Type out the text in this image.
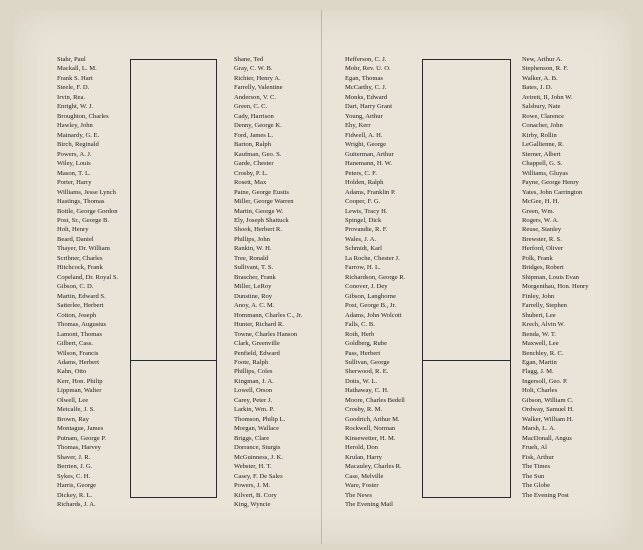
Stahr, Paul
Mackall, L. M.
Frank S. Hart
Steele, F. D.
Irvin, Rea.
Enright, W. J.
Broughton, Charles
Hawley, John
Mainardy, G. E.
Birch, Reginald
Powers, A. J.
Wiley, Louis
Mason, T. L.
Porter, Harry
Williams, Jesse Lynch
Hastings, Thomas
Bottle, George Gordon
Post, Sr., George B.
Holt, Henry
Beard, Daniel
Thayer, Dr. William
Scribner, Charles
Hitchcock, Frank
Copeland, Dr. Royal S.
Gibson, C. D.
Martin, Edward S.
Satterlee, Herbert
Cotton, Joseph
Thomas, Augustus
Lamont, Thomas
Gilbert, Cass.
Wilson, Francis
Adams, Herbert
Kahn, Otto
Kerr, Hon. Philip
Lippman, Walter
Olwell, Lee
Metcalfe, J. S.
Brown, Ray
Montague, James
Putnam, George P.
Thomas, Harvey
Shaver, J. R.
Berrien, J. G.
Sykes, C. H.
Harris, George
Dickey, R. L.
Richards, J. A.
Shane, Ted
Gray, C. W. B.
Richter, Henry A.
Farrelly, Valentine
Anderson, V. C.
Green, C. C.
Cady, Harrison
Denny, George K.
Ford, James L.
Barton, Ralph
Kaufman, Geo. S.
Garde, Chester
Crosby, P. L.
Rosett, Max
Paine, George Eustis
Miller, George Warren
Martin, George W.
Ely, Joseph Shattuck
Shook, Herbert R.
Phillips, John
Rankin, W. H.
Tree, Ronald
Sullivant, T. S.
Brascher, Frank
Miller, LeRoy
Dunstine, Roy
Anoy, A. C. M.
Hommann, Charles C., Jr.
Hunter, Richard R.
Towne, Charles Hanson
Clark, Greenville
Penfield, Edward
Foote, Ralph
Phillips, Coles
Kingman, J. A.
Lowell, Orson
Carey, Peter J.
Larkin, Wm. P.
Thomson, Philip L.
Morgan, Wallace
Briggs, Clare
Dorrance, Sturgis
McGuinness, J. K.
Webster, H. T.
Casey, F. De Sales
Powers, J. M.
Kilvert, B. Cory
King, Wyncie
Hefferson, C. J.
Mohr, Rev. U. O.
Egan, Thomas
McCarthy, C. J.
Monks, Edward
Dart, Harry Grant
Young, Arthur
Ehy, Kerr
Fidwell, A. H.
Wright, George
Guiterman, Arthur
Hanemann, H. W.
Peters, C. F.
Holden, Ralph
Adams, Franklin P.
Cooper, F. G.
Lewis, Tracy H.
Spingel, Dick
Provandie, R. F.
Wales, J. A.
Schmidt, Karl
La Roche, Chester J.
Farrow, H. L.
Richardson, George R.
Conover, J. Dey
Gibson, Langhorne
Post, George B., Jr.
Adams, John Wolcott
Falls, C. B.
Roth, Herb
Goldberg, Rube
Pass, Herbert
Sullivan, George
Sherwood, R. E.
Dotts, W. L.
Hathaway, C. H.
Moore, Charles Bedell
Crosby, R. M.
Goodrich, Arthur M.
Rockwell, Norman
Kinsewetter, H. M.
Herold, Don
Krulan, Harry
Macauley, Charles R.
Case, Melville
Ware, Foster
The News
The Evening Mail
New, Arthur A.
Stephenson, R. F.
Walker, A. B.
Bates, J. D.
Avirett, II, John W.
Salsbury, Nate
Rowe, Clarence
Conacher, John
Kirby, Rollin
LeGallienne, R.
Sterner, Albert
Chappell, G. S.
Williams, Gluyas
Payne, George Henry
Yates, John Carrington
McGee, H. H.
Green, Wm.
Rogers, W. A.
Reuse, Stanley
Brewster, R. S.
Herford, Oliver
Polk, Frank
Bridges, Robert
Shipman, Louis Evan
Morgenthau, Hon. Henry
Finley, John
Farrelly, Stephen
Shubert, Lee
Krech, Alvin W.
Benda, W. T.
Maxwell, Lee
Benchley, R. C.
Egan, Martin
Flagg, J. M.
Ingersoll, Geo. P.
Holt, Charles
Gibson, William C.
Ordway, Samuel H.
Walker, William H.
Marsh, L. A.
MacDonall, Angus
Frueh, Al
Fisk, Arthur
The Times
The Sun
The Globe
The Evening Post
